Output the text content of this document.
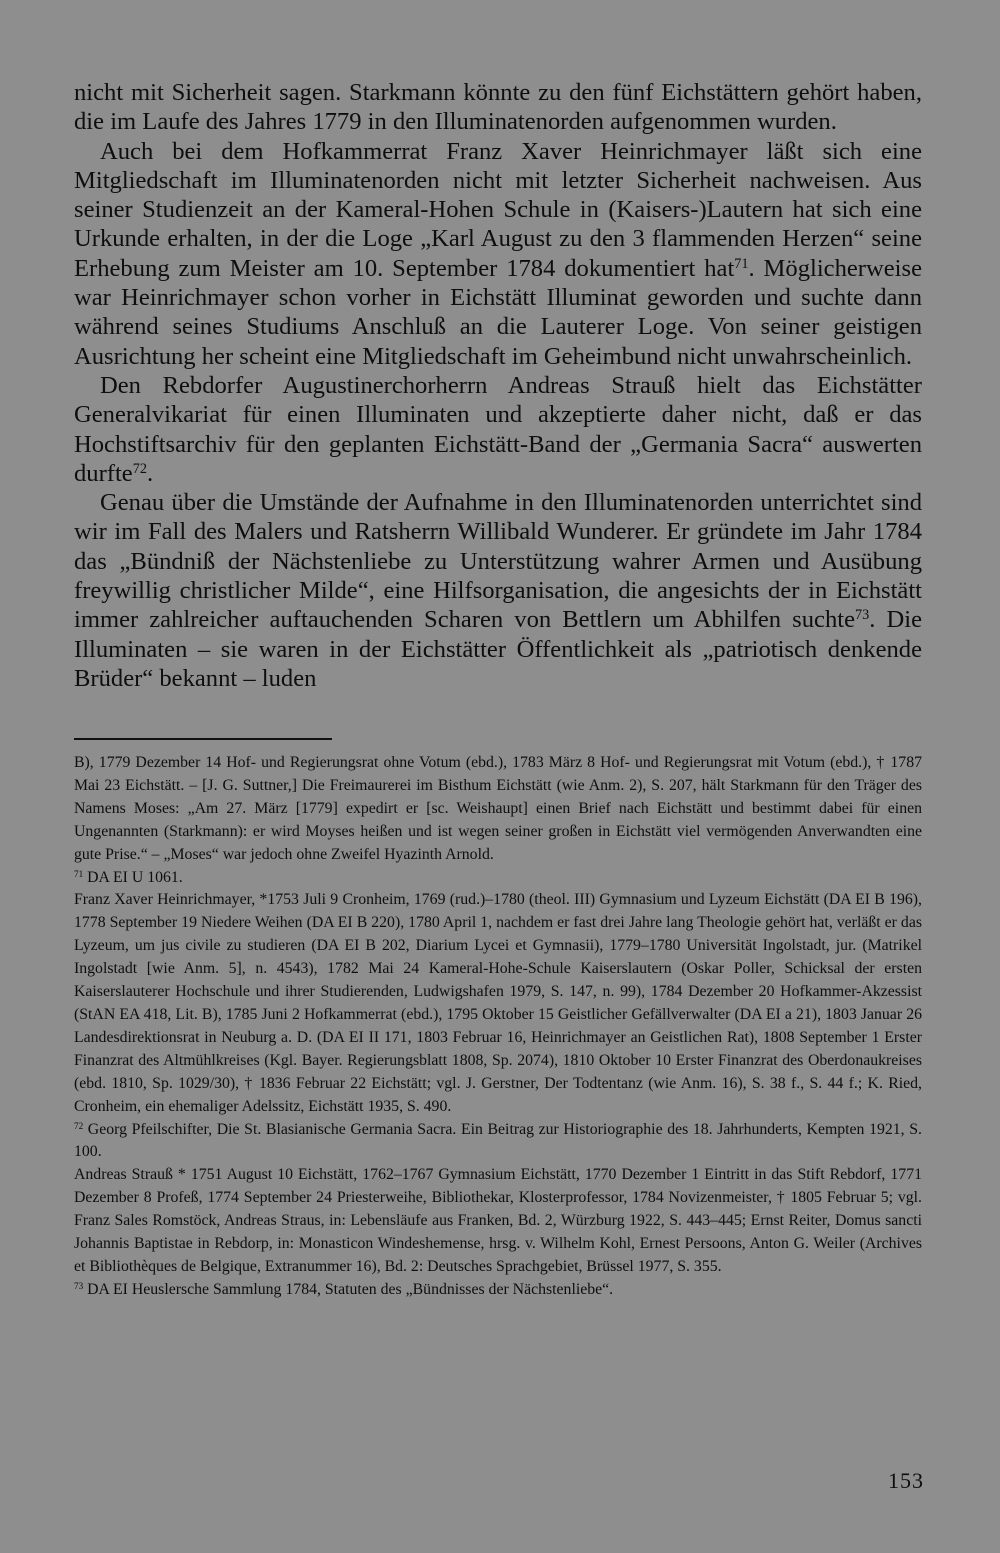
nicht mit Sicherheit sagen. Starkmann könnte zu den fünf Eichstättern gehört haben, die im Laufe des Jahres 1779 in den Illuminatenorden aufgenommen wurden.

Auch bei dem Hofkammerrat Franz Xaver Heinrichmayer läßt sich eine Mitgliedschaft im Illuminatenorden nicht mit letzter Sicherheit nachweisen. Aus seiner Studienzeit an der Kameral-Hohen Schule in (Kaisers-)Lautern hat sich eine Urkunde erhalten, in der die Loge „Karl August zu den 3 flammenden Herzen“ seine Erhebung zum Meister am 10. September 1784 dokumentiert hat$^{71}$. Möglicherweise war Heinrichmayer schon vorher in Eichstätt Illuminat geworden und suchte dann während seines Studiums Anschluß an die Lauterer Loge. Von seiner geistigen Ausrichtung her scheint eine Mitgliedschaft im Geheimbund nicht unwahrscheinlich.

Den Rebdorfer Augustinerchorherrn Andreas Strauß hielt das Eichstätter Generalvikariat für einen Illuminaten und akzeptierte daher nicht, daß er das Hochstiftsarchiv für den geplanten Eichstätt-Band der „Germania Sacra“ auswerten durfte$^{72}$.

Genau über die Umstände der Aufnahme in den Illuminatenorden unterrichtet sind wir im Fall des Malers und Ratsherrn Willibald Wunderer. Er gründete im Jahr 1784 das „Bündniß der Nächstenliebe zu Unterstützung wahrer Armen und Ausübung freywillig christlicher Milde“, eine Hilfsorganisation, die angesichts der in Eichstätt immer zahlreicher auftauchenden Scharen von Bettlern um Abhilfen suchte$^{73}$. Die Illuminaten – sie waren in der Eichstätter Öffentlichkeit als „patriotisch denkende Brüder“ bekannt – luden

B), 1779 Dezember 14 Hof- und Regierungsrat ohne Votum (ebd.), 1783 März 8 Hof- und Regierungsrat mit Votum (ebd.), † 1787 Mai 23 Eichstätt. – [J. G. Suttner,] Die Freimaurerei im Bisthum Eichstätt (wie Anm. 2), S. 207, hält Starkmann für den Träger des Namens Moses: „Am 27. März [1779] expedirt er [sc. Weishaupt] einen Brief nach Eichstätt und bestimmt dabei für einen Ungenannten (Starkmann): er wird Moyses heißen und ist wegen seiner großen in Eichstätt viel vermögenden Anverwandten eine gute Prise.“ – „Moses“ war jedoch ohne Zweifel Hyazinth Arnold.

$^{71}$ DA EI U 1061.

Franz Xaver Heinrichmayer, *1753 Juli 9 Cronheim, 1769 (rud.)–1780 (theol. III) Gymnasium und Lyzeum Eichstätt (DA EI B 196), 1778 September 19 Niedere Weihen (DA EI B 220), 1780 April 1, nachdem er fast drei Jahre lang Theologie gehört hat, verläßt er das Lyzeum, um jus civile zu studieren (DA EI B 202, Diarium Lycei et Gymnasii), 1779–1780 Universität Ingolstadt, jur. (Matrikel Ingolstadt [wie Anm. 5], n. 4543), 1782 Mai 24 Kameral-Hohe-Schule Kaiserslautern (Oskar Poller, Schicksal der ersten Kaiserslauterer Hochschule und ihrer Studierenden, Ludwigshafen 1979, S. 147, n. 99), 1784 Dezember 20 Hofkammer-Akzessist (StAN EA 418, Lit. B), 1785 Juni 2 Hofkammerrat (ebd.), 1795 Oktober 15 Geistlicher Gefällverwalter (DA EI a 21), 1803 Januar 26 Landesdirektionsrat in Neuburg a. D. (DA EI II 171, 1803 Februar 16, Heinrichmayer an Geistlichen Rat), 1808 September 1 Erster Finanzrat des Altmühlkreises (Kgl. Bayer. Regierungsblatt 1808, Sp. 2074), 1810 Oktober 10 Erster Finanzrat des Oberdonaukreises (ebd. 1810, Sp. 1029/30), † 1836 Februar 22 Eichstätt; vgl. J. Gerstner, Der Todtentanz (wie Anm. 16), S. 38 f., S. 44 f.; K. Ried, Cronheim, ein ehemaliger Adelssitz, Eichstätt 1935, S. 490.

$^{72}$ Georg Pfeilschifter, Die St. Blasianische Germania Sacra. Ein Beitrag zur Historiographie des 18. Jahrhunderts, Kempten 1921, S. 100.

Andreas Strauß * 1751 August 10 Eichstätt, 1762–1767 Gymnasium Eichstätt, 1770 Dezember 1 Eintritt in das Stift Rebdorf, 1771 Dezember 8 Profeß, 1774 September 24 Priesterweihe, Bibliothekar, Klosterprofessor, 1784 Novizenmeister, † 1805 Februar 5; vgl. Franz Sales Romstöck, Andreas Straus, in: Lebensläufe aus Franken, Bd. 2, Würzburg 1922, S. 443–445; Ernst Reiter, Domus sancti Johannis Baptistae in Rebdorp, in: Monasticon Windeshemense, hrsg. v. Wilhelm Kohl, Ernest Persoons, Anton G. Weiler (Archives et Bibliothèques de Belgique, Extranummer 16), Bd. 2: Deutsches Sprachgebiet, Brüssel 1977, S. 355.

$^{73}$ DA EI Heuslersche Sammlung 1784, Statuten des „Bündnisses der Nächstenliebe“.

153
